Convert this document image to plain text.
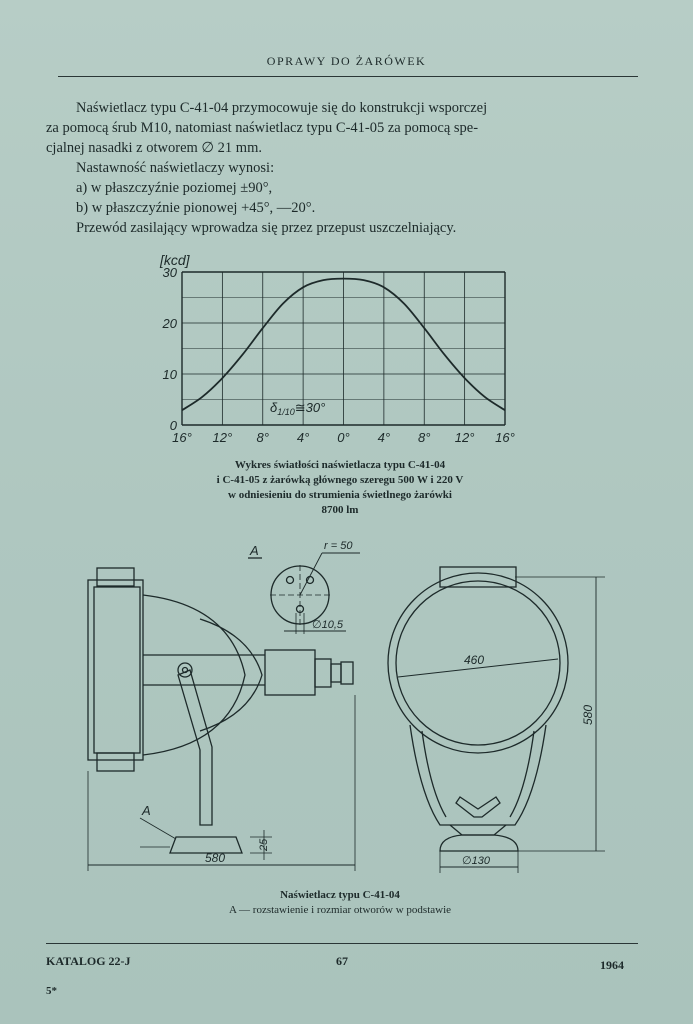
OPRAWY DO ŻARÓWEK

Naświetlacz typu C-41-04 przymocowuje się do konstrukcji wsporczej

za pomocą śrub M10, natomiast naświetlacz typu C-41-05 za pomocą spe-

cjalnej nasadki z otworem ∅ 21 mm.

Nastawność naświetlaczy wynosi:

a) w płaszczyźnie poziomej ±90°,

b) w płaszczyźnie pionowej +45°, —20°.

Przewód zasilający wprowadza się przez przepust uszczelniający.

[kcd]
16° 12° 8° 4° 0° 4° 8° 12° 16°
0
10
20
30
$\delta_{1/10}≅30^\circ$
Wykres światłości naświetlacza typu C-41-04
i C-41-05 z żarówką głównego szeregu 500 W i 220 V
w odniesieniu do strumienia świetlnego żarówki
8700 lm
A	r = 50
∅10,5
A
25
580
460
580
∅130
Naświetlacz typu C-41-04
A — rozstawienie i rozmiar otworów w podstawie
KATALOG 22-J	67	1964
5*
